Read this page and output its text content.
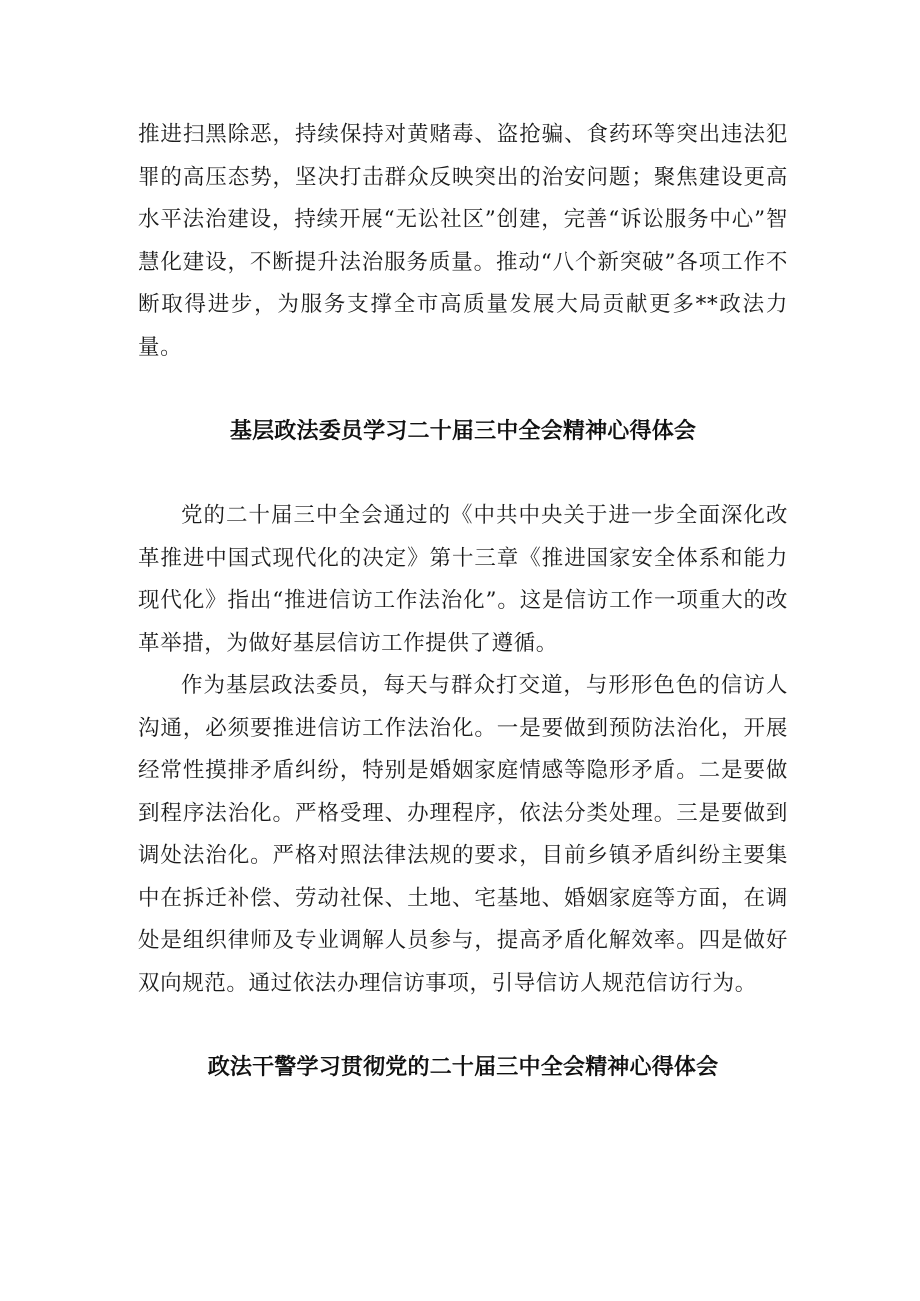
推进扫黑除恶，持续保持对黄赌毒、盗抢骗、食药环等突出违法犯罪的高压态势，坚决打击群众反映突出的治安问题；聚焦建设更高水平法治建设，持续开展“无讼社区”创建，完善“诉讼服务中心”智慧化建设，不断提升法治服务质量。推动“八个新突破”各项工作不断取得进步，为服务支撑全市高质量发展大局贡献更多**政法力量。

基层政法委员学习二十届三中全会精神心得体会

党的二十届三中全会通过的《中共中央关于进一步全面深化改革推进中国式现代化的决定》第十三章《推进国家安全体系和能力现代化》指出“推进信访工作法治化”。这是信访工作一项重大的改革举措，为做好基层信访工作提供了遵循。

作为基层政法委员，每天与群众打交道，与形形色色的信访人沟通，必须要推进信访工作法治化。一是要做到预防法治化，开展经常性摸排矛盾纠纷，特别是婚姻家庭情感等隐形矛盾。二是要做到程序法治化。严格受理、办理程序，依法分类处理。三是要做到调处法治化。严格对照法律法规的要求，目前乡镇矛盾纠纷主要集中在拆迁补偿、劳动社保、土地、宅基地、婚姻家庭等方面，在调处是组织律师及专业调解人员参与，提高矛盾化解效率。四是做好双向规范。通过依法办理信访事项，引导信访人规范信访行为。

政法干警学习贯彻党的二十届三中全会精神心得体会
